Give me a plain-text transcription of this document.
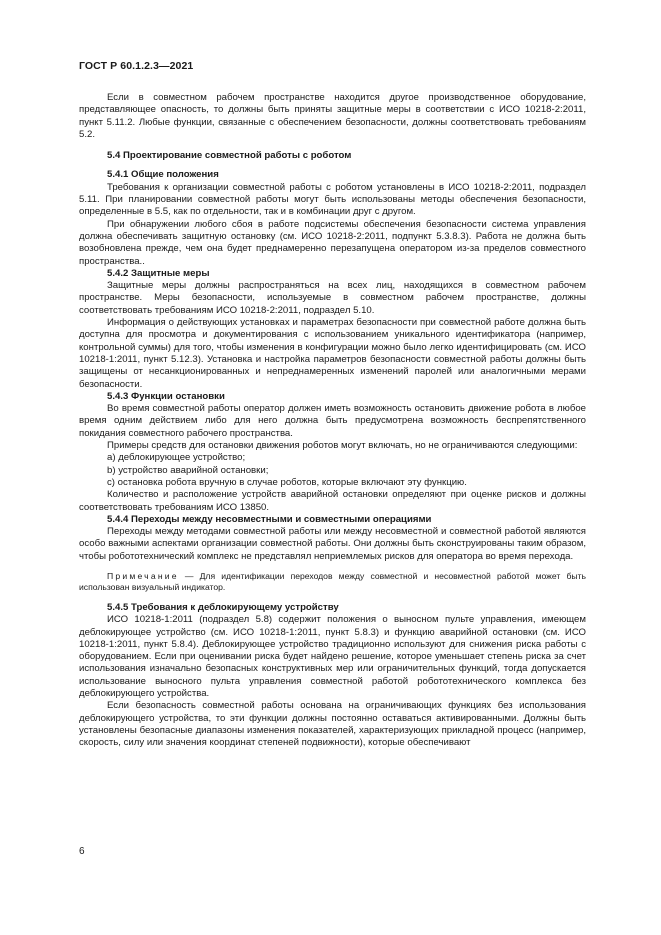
ГОСТ Р 60.1.2.3—2021

Если в совместном рабочем пространстве находится другое производственное оборудование, представляющее опасность, то должны быть приняты защитные меры в соответствии с ИСО 10218-2:2011, пункт 5.11.2. Любые функции, связанные с обеспечением безопасности, должны соответствовать требованиям 5.2.

5.4 Проектирование совместной работы с роботом
5.4.1 Общие положения

Требования к организации совместной работы с роботом установлены в ИСО 10218-2:2011, подраздел 5.11. При планировании совместной работы могут быть использованы методы обеспечения безопасности, определенные в 5.5, как по отдельности, так и в комбинации друг с другом.

При обнаружении любого сбоя в работе подсистемы обеспечения безопасности система управления должна обеспечивать защитную остановку (см. ИСО 10218-2:2011, подпункт 5.3.8.3). Работа не должна быть возобновлена прежде, чем она будет преднамеренно перезапущена оператором из-за пределов совместного пространства..

5.4.2 Защитные меры

Защитные меры должны распространяться на всех лиц, находящихся в совместном рабочем пространстве. Меры безопасности, используемые в совместном рабочем пространстве, должны соответствовать требованиям ИСО 10218-2:2011, подраздел 5.10.

Информация о действующих установках и параметрах безопасности при совместной работе должна быть доступна для просмотра и документирования с использованием уникального идентификатора (например, контрольной суммы) для того, чтобы изменения в конфигурации можно было легко идентифицировать (см. ИСО 10218-1:2011, пункт 5.12.3). Установка и настройка параметров безопасности совместной работы должны быть защищены от несанкционированных и непреднамеренных изменений паролей или аналогичными мерами безопасности.

5.4.3 Функции остановки

Во время совместной работы оператор должен иметь возможность остановить движение робота в любое время одним действием либо для него должна быть предусмотрена возможность беспрепятственного покидания совместного рабочего пространства.

Примеры средств для остановки движения роботов могут включать, но не ограничиваются следующими:

a) деблокирующее устройство;

b) устройство аварийной остановки;

c) остановка робота вручную в случае роботов, которые включают эту функцию.

Количество и расположение устройств аварийной остановки определяют при оценке рисков и должны соответствовать требованиям ИСО 13850.

5.4.4 Переходы между несовместными и совместными операциями

Переходы между методами совместной работы или между несовместной и совместной работой являются особо важными аспектами организации совместной работы. Они должны быть сконструированы таким образом, чтобы робототехнический комплекс не представлял неприемлемых рисков для оператора во время перехода.

Примечание — Для идентификации переходов между совместной и несовместной работой может быть использован визуальный индикатор.

5.4.5 Требования к деблокирующему устройству

ИСО 10218-1:2011 (подраздел 5.8) содержит положения о выносном пульте управления, имеющем деблокирующее устройство (см. ИСО 10218-1:2011, пункт 5.8.3) и функцию аварийной остановки (см. ИСО 10218-1:2011, пункт 5.8.4). Деблокирующее устройство традиционно используют для снижения риска работы с оборудованием. Если при оценивании риска будет найдено решение, которое уменьшает степень риска за счет использования изначально безопасных конструктивных мер или ограничительных функций, тогда допускается использование выносного пульта управления совместной работой робототехнического комплекса без деблокирующего устройства.

Если безопасность совместной работы основана на ограничивающих функциях без использования деблокирующего устройства, то эти функции должны постоянно оставаться активированными. Должны быть установлены безопасные диапазоны изменения показателей, характеризующих прикладной процесс (например, скорость, силу или значения координат степеней подвижности), которые обеспечивают

6
